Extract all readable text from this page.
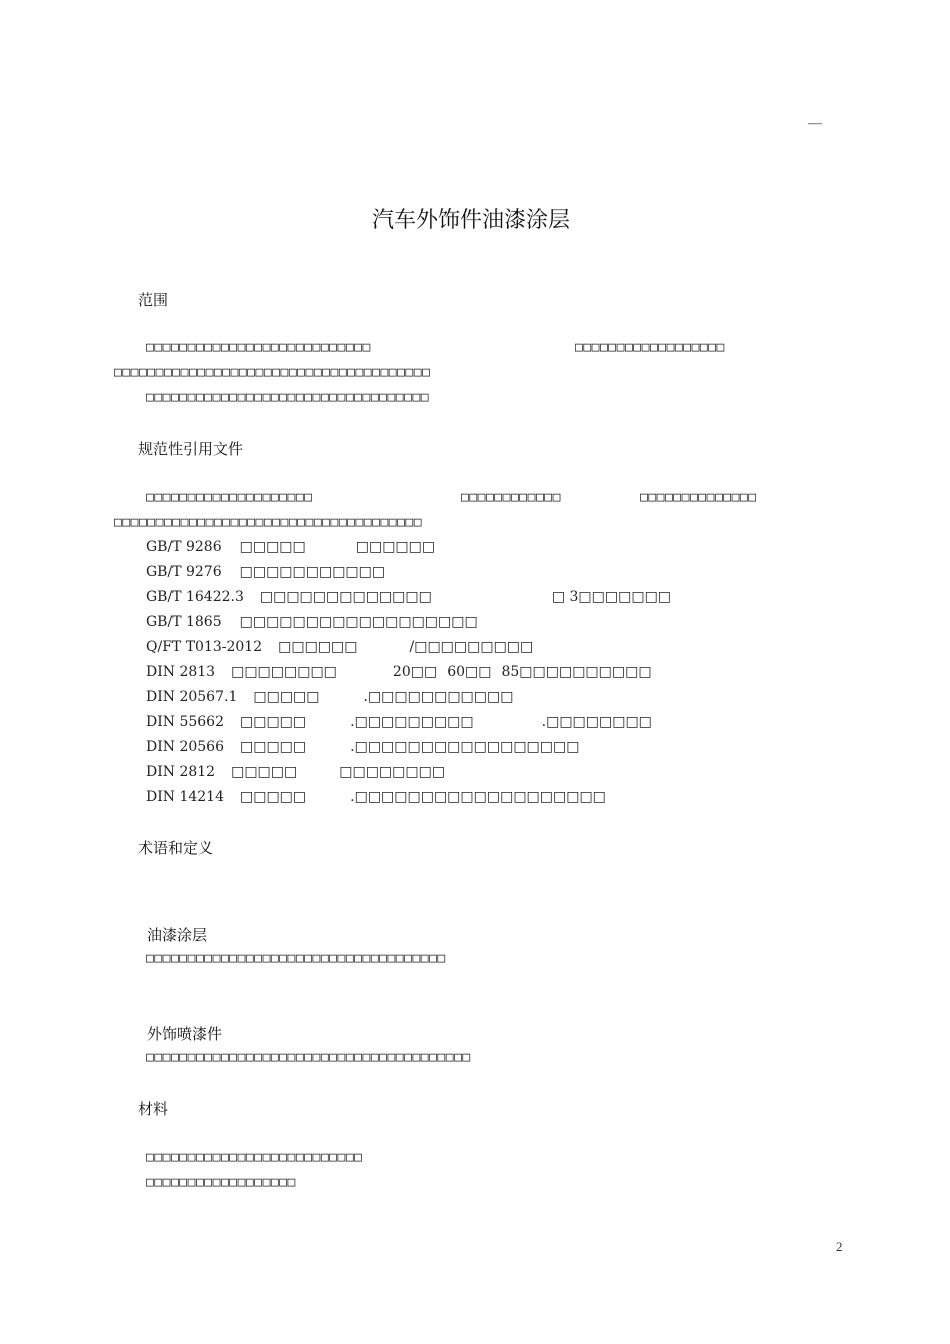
—
汽车外饰件油漆涂层
范围
□□□□□□□□□□□□□□□□□□□□□□□□□□□	□□□□□□□□□□□□□□□□□□
□□□□□□□□□□□□□□□□□□□□□□□□□□□□□□□□□□□□□□
□□□□□□□□□□□□□□□□□□□□□□□□□□□□□□□□□□
规范性引用文件
□□□□□□□□□□□□□□□□□□□□	□□□□□□□□□□□□	□□□□□□□□□□□□□□
□□□□□□□□□□□□□□□□□□□□□□□□□□□□□□□□□□□□□
GB/T 9286 □□□□□	□□□□□□
GB/T 9276 □□□□□□□□□□□
GB/T 16422.3 □□□□□□□□□□□□□	□ 3□□□□□□□
GB/T 1865 □□□□□□□□□□□□□□□□□□
Q/FT T013-2012 □□□□□□	/□□□□□□□□□
DIN 2813 □□□□□□□□	20□□ 60□□ 85□□□□□□□□□□
DIN 20567.1 □□□□□	.□□□□□□□□□□□
DIN 55662 □□□□□	.□□□□□□□□□	.□□□□□□□□
DIN 20566 □□□□□	.□□□□□□□□□□□□□□□□□
DIN 2812 □□□□□	□□□□□□□□
DIN 14214 □□□□□	.□□□□□□□□□□□□□□□□□□□
术语和定义
油漆涂层
□□□□□□□□□□□□□□□□□□□□□□□□□□□□□□□□□□□□
外饰喷漆件
□□□□□□□□□□□□□□□□□□□□□□□□□□□□□□□□□□□□□□□
材料
□□□□□□□□□□□□□□□□□□□□□□□□□□
□□□□□□□□□□□□□□□□□□
2
